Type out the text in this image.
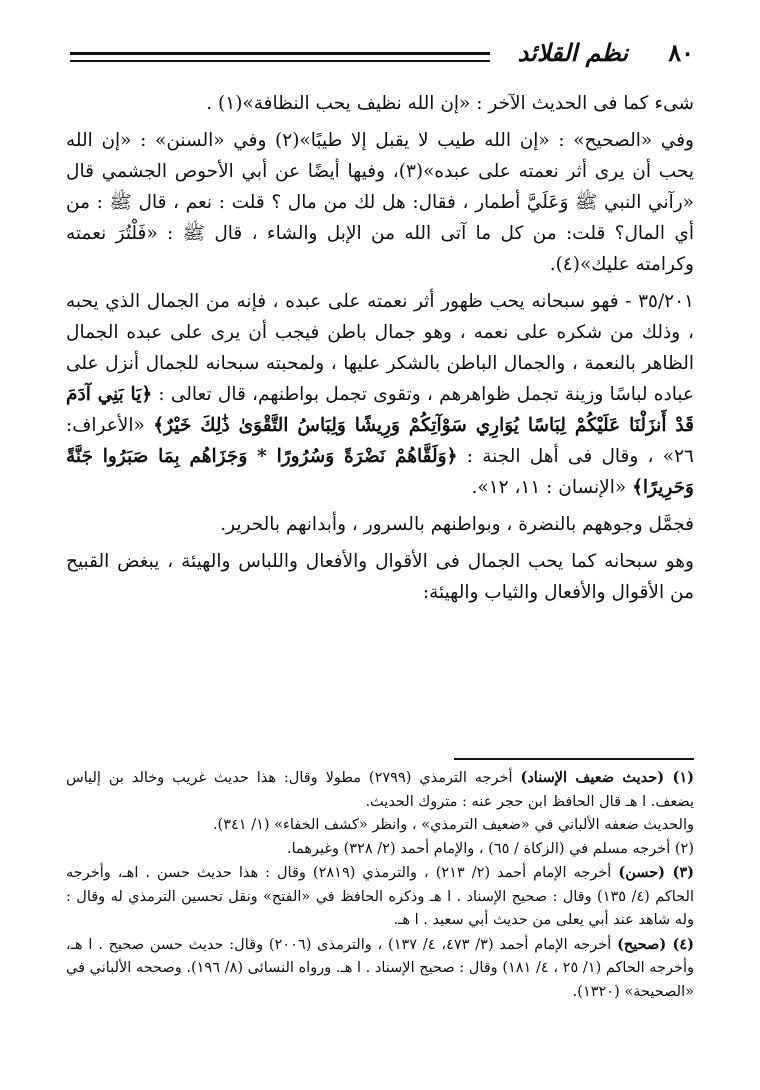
٨٠
نظم القلائد

شىء كما فى الحديث الآخر : «إن الله نظيف يحب النظافة»(١) .

وفي «الصحيح» : «إن الله طيب لا يقبل إلا طيبًا»(٢) وفي «السنن» : «إن الله يحب أن يرى أثر نعمته على عبده»(٣)، وفيها أيضًا عن أبي الأحوص الجشمي قال «رآني النبي ﷺ وَعَلَيَّ أطمار ، فقال: هل لك من مال ؟ قلت : نعم ، قال ﷺ : من أي المال؟ قلت: من كل ما آتى الله من الإبل والشاء ، قال ﷺ : «فَلْتُرَ نعمته وكرامته عليك»(٤).

٣٥/٢٠١ - فهو سبحانه يحب ظهور أثر نعمته على عبده ، فإنه من الجمال الذي يحبه ، وذلك من شكره على نعمه ، وهو جمال باطن فيجب أن يرى على عبده الجمال الظاهر بالنعمة ، والجمال الباطن بالشكر عليها ، ولمحبته سبحانه للجمال أنزل على عباده لباسًا وزينة تجمل ظواهرهم ، وتقوى تجمل بواطنهم، قال تعالى : ﴿يَا بَنِي آدَمَ قَدْ أَنزَلْنَا عَلَيْكُمْ لِبَاسًا يُوَارِي سَوْآتِكُمْ وَرِيشًا وَلِبَاسُ التَّقْوَىٰ ذَٰلِكَ خَيْرٌ﴾ «الأعراف: ٢٦» ، وقال فى أهل الجنة : ﴿وَلَقَّاهُمْ نَضْرَةً وَسُرُورًا * وَجَزَاهُم بِمَا صَبَرُوا جَنَّةً وَحَرِيرًا﴾ «الإنسان : ١١، ١٢».

فجمَّل وجوههم بالنضرة ، وبواطنهم بالسرور ، وأبدانهم بالحرير.

وهو سبحانه كما يحب الجمال فى الأقوال والأفعال واللباس والهيئة ، يبغض القبيح من الأقوال والأفعال والثياب والهيئة:

(١) (حديث ضعيف الإسناد) أخرجه الترمذي (٢٧٩٩) مطولا وقال: هذا حديث غريب وخالد بن إلياس يضعف. ا هـ قال الحافظ ابن حجر عنه : متروك الحديث.

والحديث ضعفه الألباني في «ضعيف الترمذي» ، وانظر «كشف الخفاء» (١/ ٣٤١).

(٢) أخرجه مسلم في (الزكاة / ٦٥) ، والإمام أحمد (٢/ ٣٢٨) وغيرهما.

(٣) (حسن) أخرجه الإمام أحمد (٢/ ٢١٣) ، والترمذي (٢٨١٩) وقال : هذا حديث حسن . اهـ، وأخرجه الحاكم (٤/ ١٣٥) وقال : صحيح الإسناد . ا هـ وذكره الحافظ في «الفتح» ونقل تحسين الترمذي له وقال : وله شاهد عند أبي يعلى من حديث أبي سعيد . ا هـ.

(٤) (صحيح) أخرجه الإمام أحمد (٣/ ٤٧٣، ٤/ ١٣٧) ، والترمذى (٢٠٠٦) وقال: حديث حسن صحيح . ا هـ، وأخرجه الحاكم (١/ ٢٥ ، ٤/ ١٨١) وقال : صحيح الإسناد . ا هـ. ورواه النسائى (٨/ ١٩٦). وصححه الألباني في «الصحيحة» (١٣٢٠).
